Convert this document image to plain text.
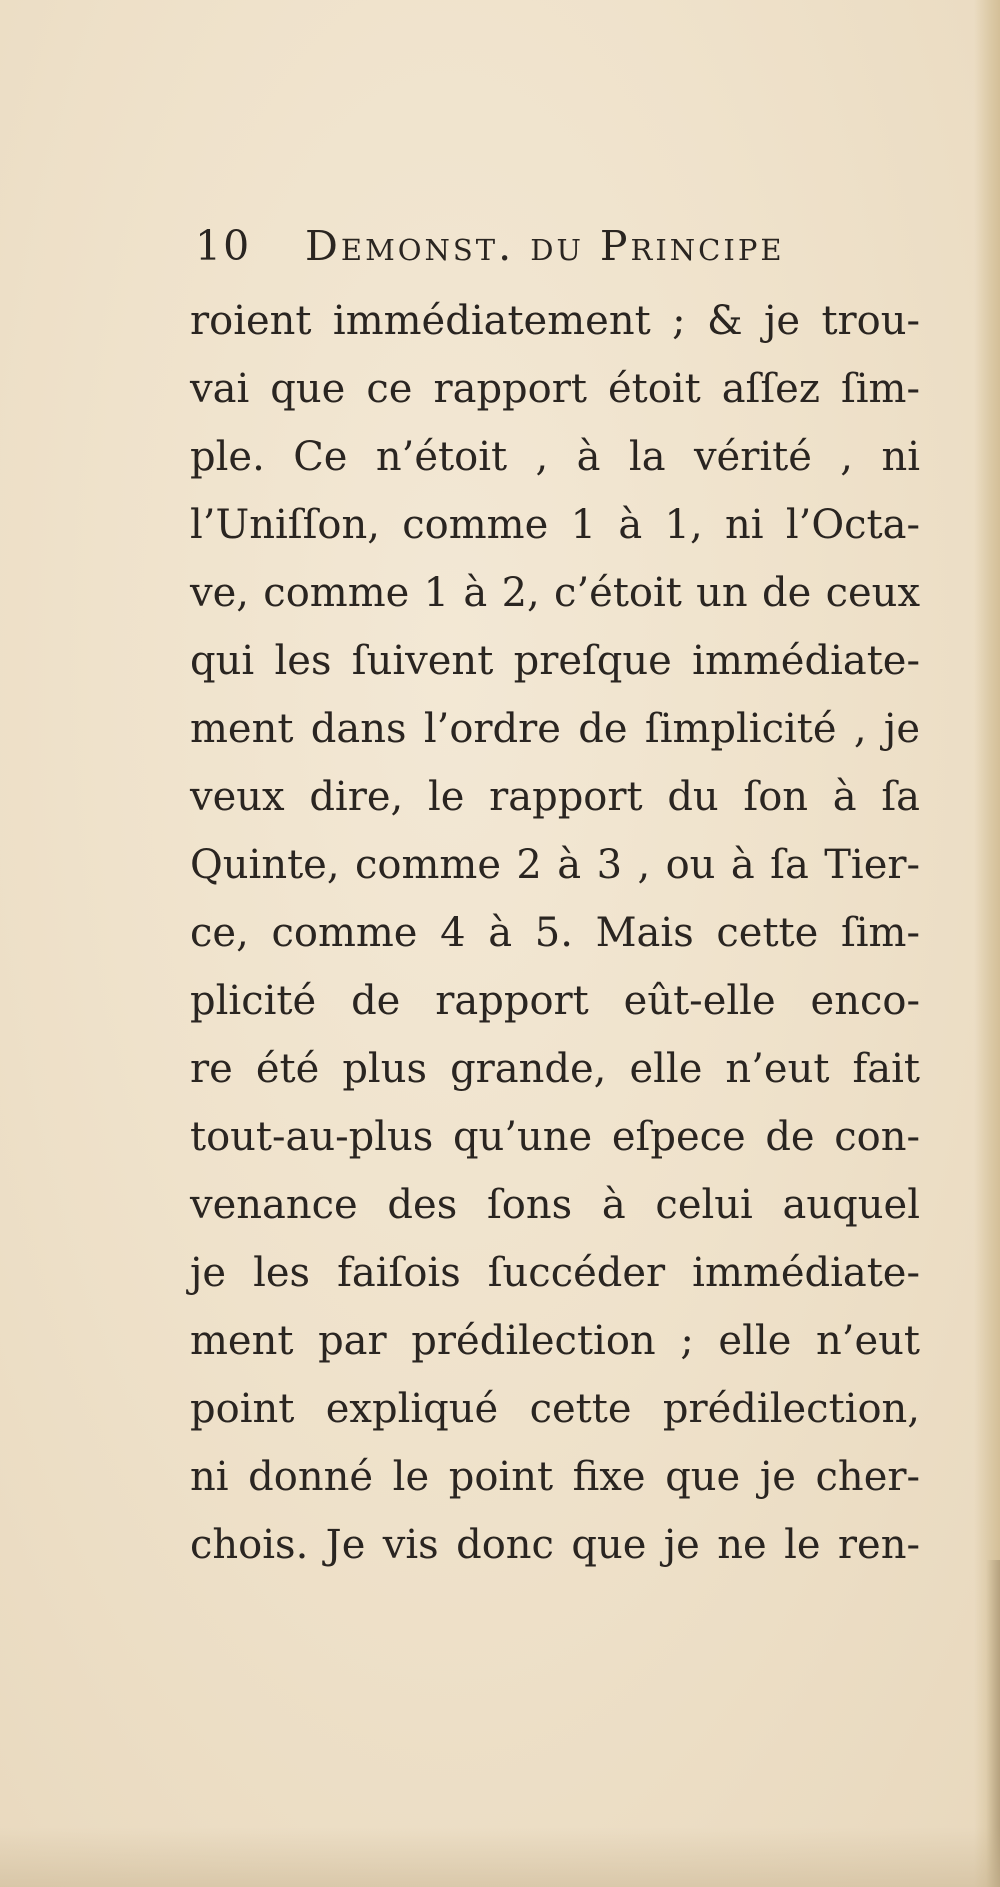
10 Demonst. du Principe
roient immédiatement ; & je trou-
vai que ce rapport étoit aſſez ſim-
ple. Ce n’étoit , à la vérité , ni
l’Uniſſon, comme 1 à 1, ni l’Octa-
ve, comme 1 à 2, c’étoit un de ceux
qui les ſuivent preſque immédiate-
ment dans l’ordre de ſimplicité , je
veux dire, le rapport du ſon à ſa
Quinte, comme 2 à 3 , ou à ſa Tier-
ce, comme 4 à 5. Mais cette ſim-
plicité de rapport eût-elle enco-
re été plus grande, elle n’eut fait
tout-au-plus qu’une eſpece de con-
venance des ſons à celui auquel
je les faiſois ſuccéder immédiate-
ment par prédilection ; elle n’eut
point expliqué cette prédilection,
ni donné le point fixe que je cher-
chois. Je vis donc que je ne le ren-
